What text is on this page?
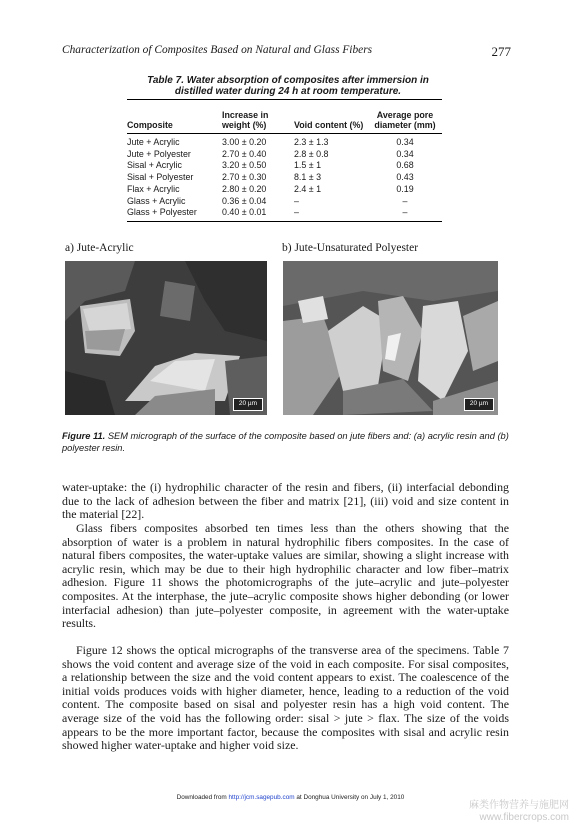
Characterization of Composites Based on Natural and Glass Fibers	277
Table 7. Water absorption of composites after immersion in distilled water during 24 h at room temperature.
Composite	Increase in weight (%)	Void content (%)	Average pore diameter (mm)
Jute + Acrylic	3.00 ± 0.20	2.3 ± 1.3	0.34
Jute + Polyester	2.70 ± 0.40	2.8 ± 0.8	0.34
Sisal + Acrylic	3.20 ± 0.50	1.5 ± 1	0.68
Sisal + Polyester	2.70 ± 0.30	8.1 ± 3	0.43
Flax + Acrylic	2.80 ± 0.20	2.4 ± 1	0.19
Glass + Acrylic	0.36 ± 0.04	–	–
Glass + Polyester	0.40 ± 0.01	–	–
a) Jute-Acrylic	b) Jute-Unsaturated Polyester
20 µm	20 µm
Figure 11. SEM micrograph of the surface of the composite based on jute fibers and: (a) acrylic resin and (b) polyester resin.
water-uptake: the (i) hydrophilic character of the resin and fibers, (ii) interfacial debonding due to the lack of adhesion between the fiber and matrix [21], (iii) void and size content in the material [22].
Glass fibers composites absorbed ten times less than the others showing that the absorption of water is a problem in natural hydrophilic fibers composites. In the case of natural fibers composites, the water-uptake values are similar, showing a slight increase with acrylic resin, which may be due to their high hydrophilic character and low fiber–matrix adhesion. Figure 11 shows the photomicrographs of the jute–acrylic and jute–polyester composites. At the interphase, the jute–acrylic composite shows higher debonding (or lower interfacial adhesion) than jute–polyester composite, in agreement with the water-uptake results.
Figure 12 shows the optical micrographs of the transverse area of the specimens. Table 7 shows the void content and average size of the void in each composite. For sisal composites, a relationship between the size and the void content appears to exist. The coalescence of the initial voids produces voids with higher diameter, hence, leading to a reduction of the void content. The composite based on sisal and polyester resin has a high void content. The average size of the void has the following order: sisal > jute > flax. The size of the voids appears to be the more important factor, because the composites with sisal and acrylic resin showed higher water-uptake and higher void size.
Downloaded from http://jcm.sagepub.com at Donghua University on July 1, 2010
麻类作物营养与施肥网
www.fibercrops.com
